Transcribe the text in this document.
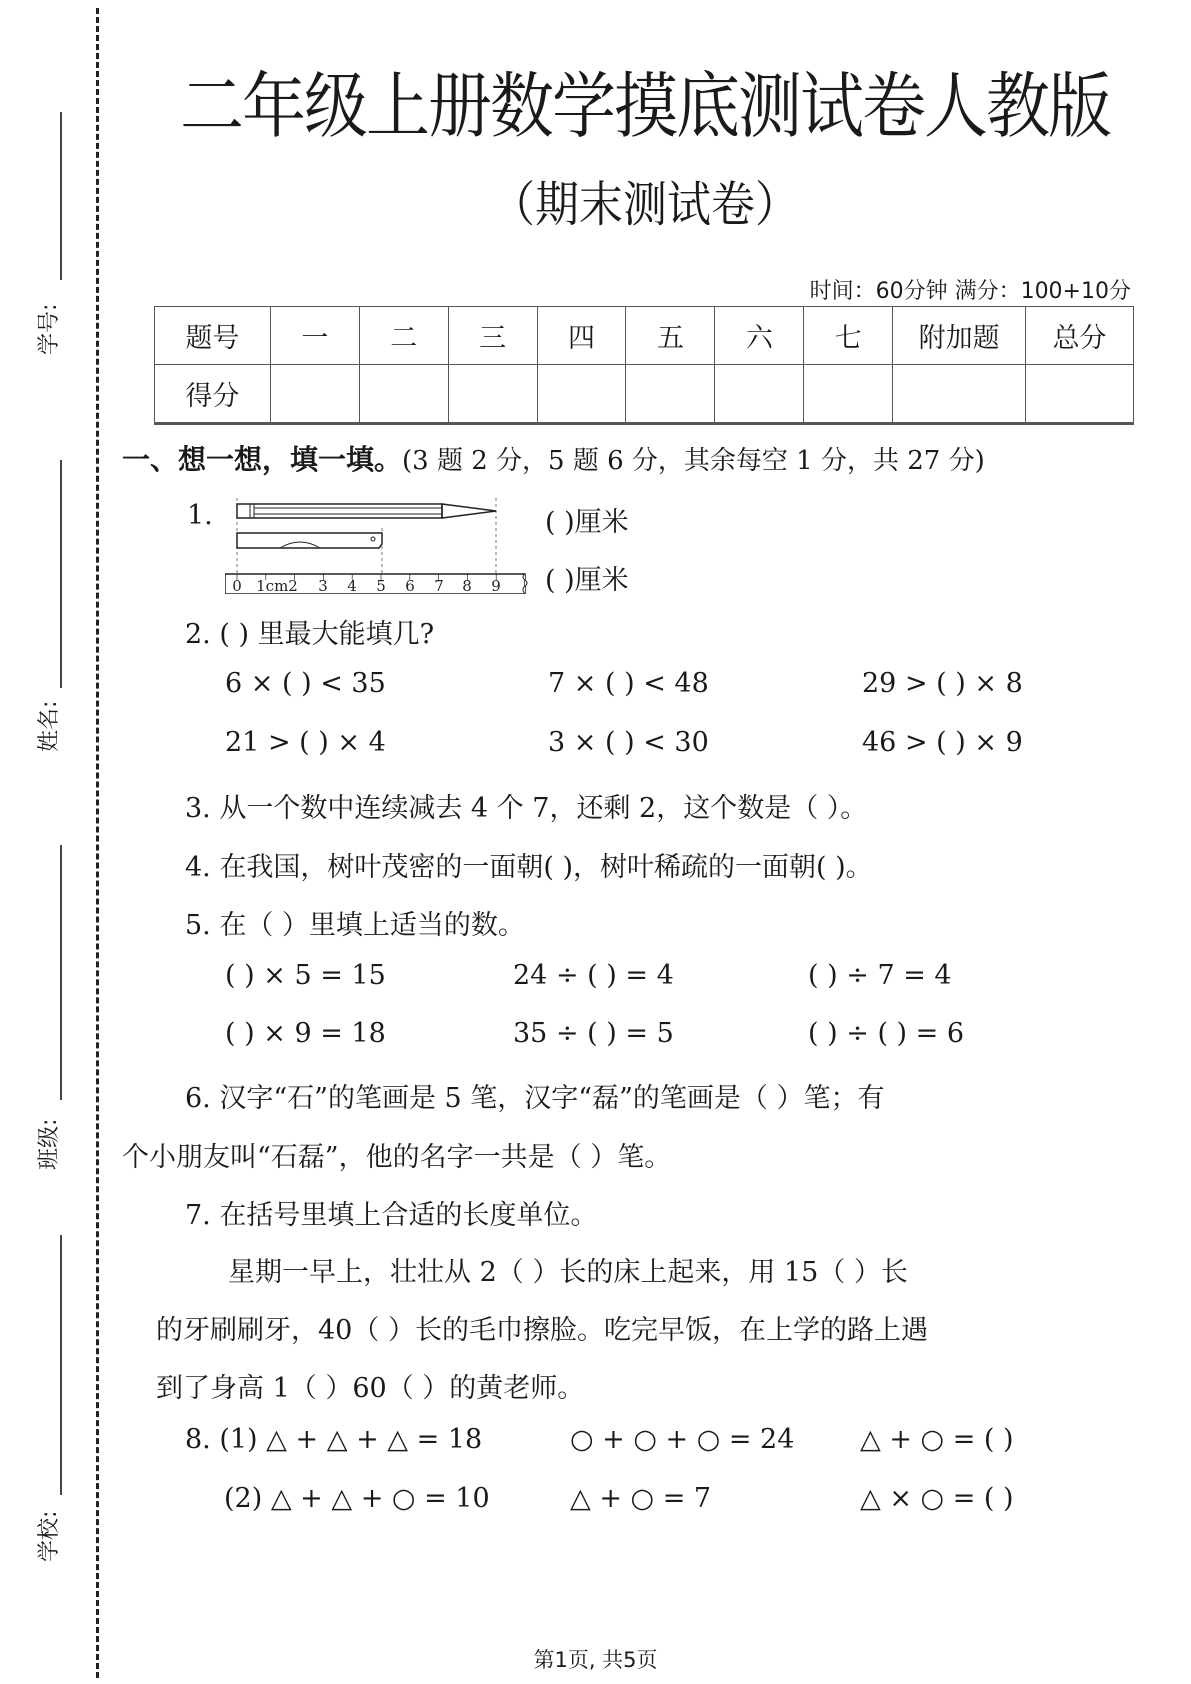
学号:
姓名:
班级:
学校:
二年级上册数学摸底测试卷人教版
（期末测试卷）
时间：60分钟 满分：100+10分
题号	一	二	三	四	五	六	七	附加题	总分
得分									
一、想一想，填一填。(3 题 2 分，5 题 6 分，其余每空 1 分，共 27 分)
1.
0 1cm2 3 4 5 6 7 8 9
( )厘米
( )厘米
2. ( ) 里最大能填几?
6 × ( ) < 35	7 × ( ) < 48	29 > ( ) × 8
21 > ( ) × 4	3 × ( ) < 30	46 > ( ) × 9
3. 从一个数中连续减去 4 个 7，还剩 2，这个数是（ ）。
4. 在我国，树叶茂密的一面朝( )，树叶稀疏的一面朝( )。
5. 在（ ）里填上适当的数。
( ) × 5 = 15	24 ÷ ( ) = 4	( ) ÷ 7 = 4
( ) × 9 = 18	35 ÷ ( ) = 5	( ) ÷ ( ) = 6
6. 汉字“石”的笔画是 5 笔，汉字“磊”的笔画是（ ）笔；有
个小朋友叫“石磊”，他的名字一共是（ ）笔。
7. 在括号里填上合适的长度单位。
星期一早上，壮壮从 2（ ）长的床上起来，用 15（ ）长
的牙刷刷牙，40（ ）长的毛巾擦脸。吃完早饭，在上学的路上遇
到了身高 1（ ）60（ ）的黄老师。
8. (1) △ + △ + △ = 18	○ + ○ + ○ = 24 △ + ○ = ( )
(2) △ + △ + ○ = 10	△ + ○ = 7	△ × ○ = ( )
第1页, 共5页
